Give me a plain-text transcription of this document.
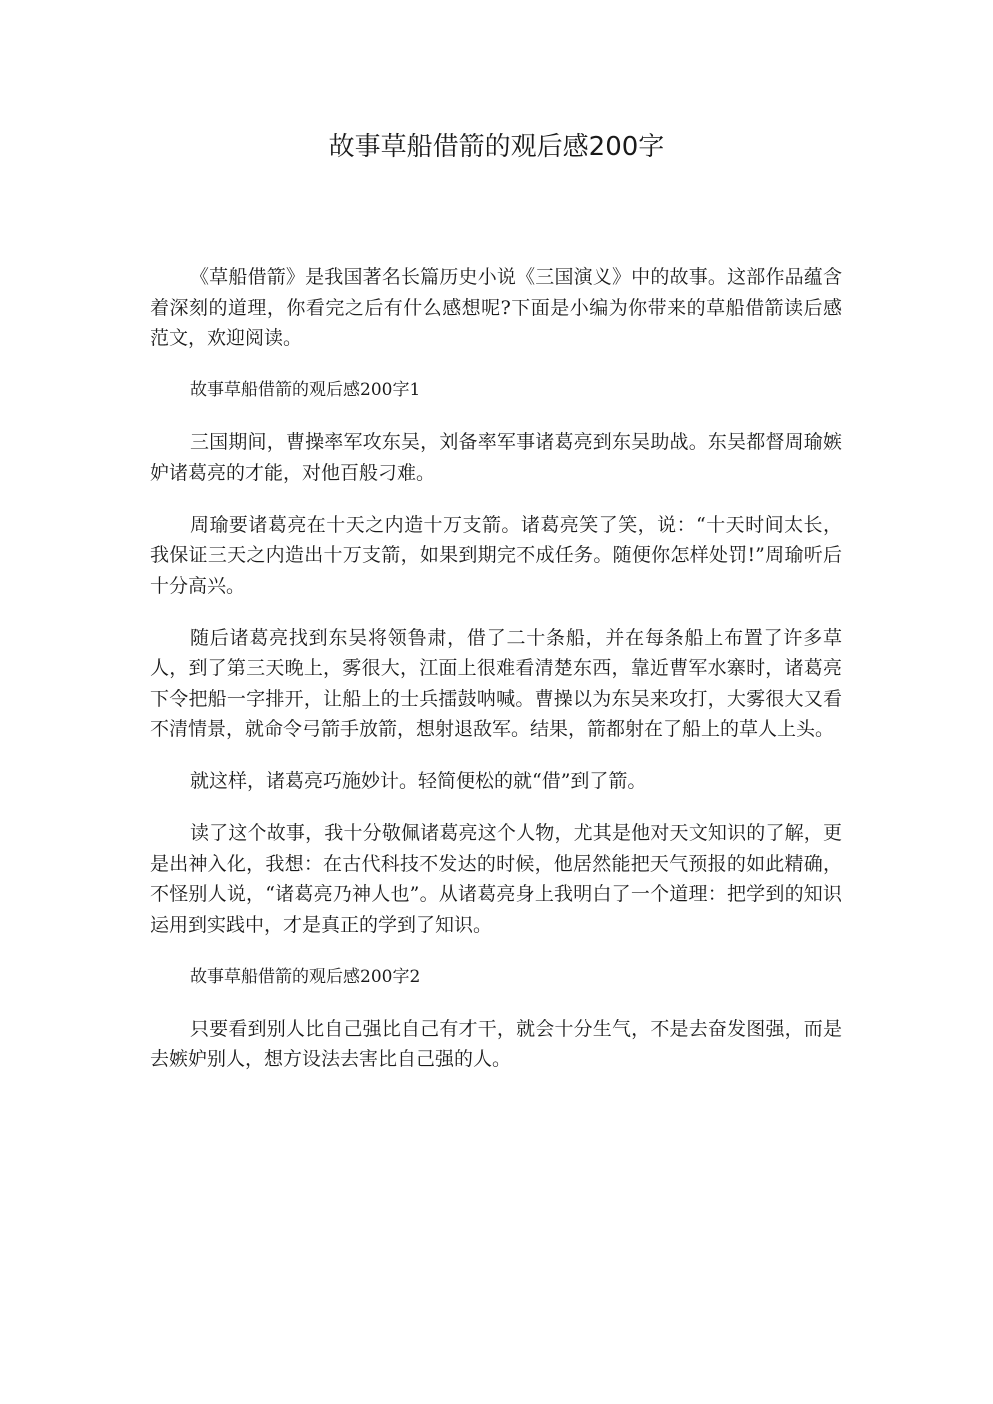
故事草船借箭的观后感200字

《草船借箭》是我国著名长篇历史小说《三国演义》中的故事。这部作品蕴含着深刻的道理，你看完之后有什么感想呢?下面是小编为你带来的草船借箭读后感范文，欢迎阅读。

故事草船借箭的观后感200字1

三国期间，曹操率军攻东吴，刘备率军事诸葛亮到东吴助战。东吴都督周瑜嫉妒诸葛亮的才能，对他百般刁难。

周瑜要诸葛亮在十天之内造十万支箭。诸葛亮笑了笑，说：“十天时间太长，我保证三天之内造出十万支箭，如果到期完不成任务。随便你怎样处罚!”周瑜听后十分高兴。

随后诸葛亮找到东吴将领鲁肃，借了二十条船，并在每条船上布置了许多草人，到了第三天晚上，雾很大，江面上很难看清楚东西，靠近曹军水寨时，诸葛亮下令把船一字排开，让船上的士兵擂鼓呐喊。曹操以为东吴来攻打，大雾很大又看不清情景，就命令弓箭手放箭，想射退敌军。结果，箭都射在了船上的草人上头。

就这样，诸葛亮巧施妙计。轻简便松的就“借”到了箭。

读了这个故事，我十分敬佩诸葛亮这个人物，尤其是他对天文知识的了解，更是出神入化，我想：在古代科技不发达的时候，他居然能把天气预报的如此精确，不怪别人说，“诸葛亮乃神人也”。从诸葛亮身上我明白了一个道理：把学到的知识运用到实践中，才是真正的学到了知识。

故事草船借箭的观后感200字2

只要看到别人比自己强比自己有才干，就会十分生气，不是去奋发图强，而是去嫉妒别人，想方设法去害比自己强的人。
